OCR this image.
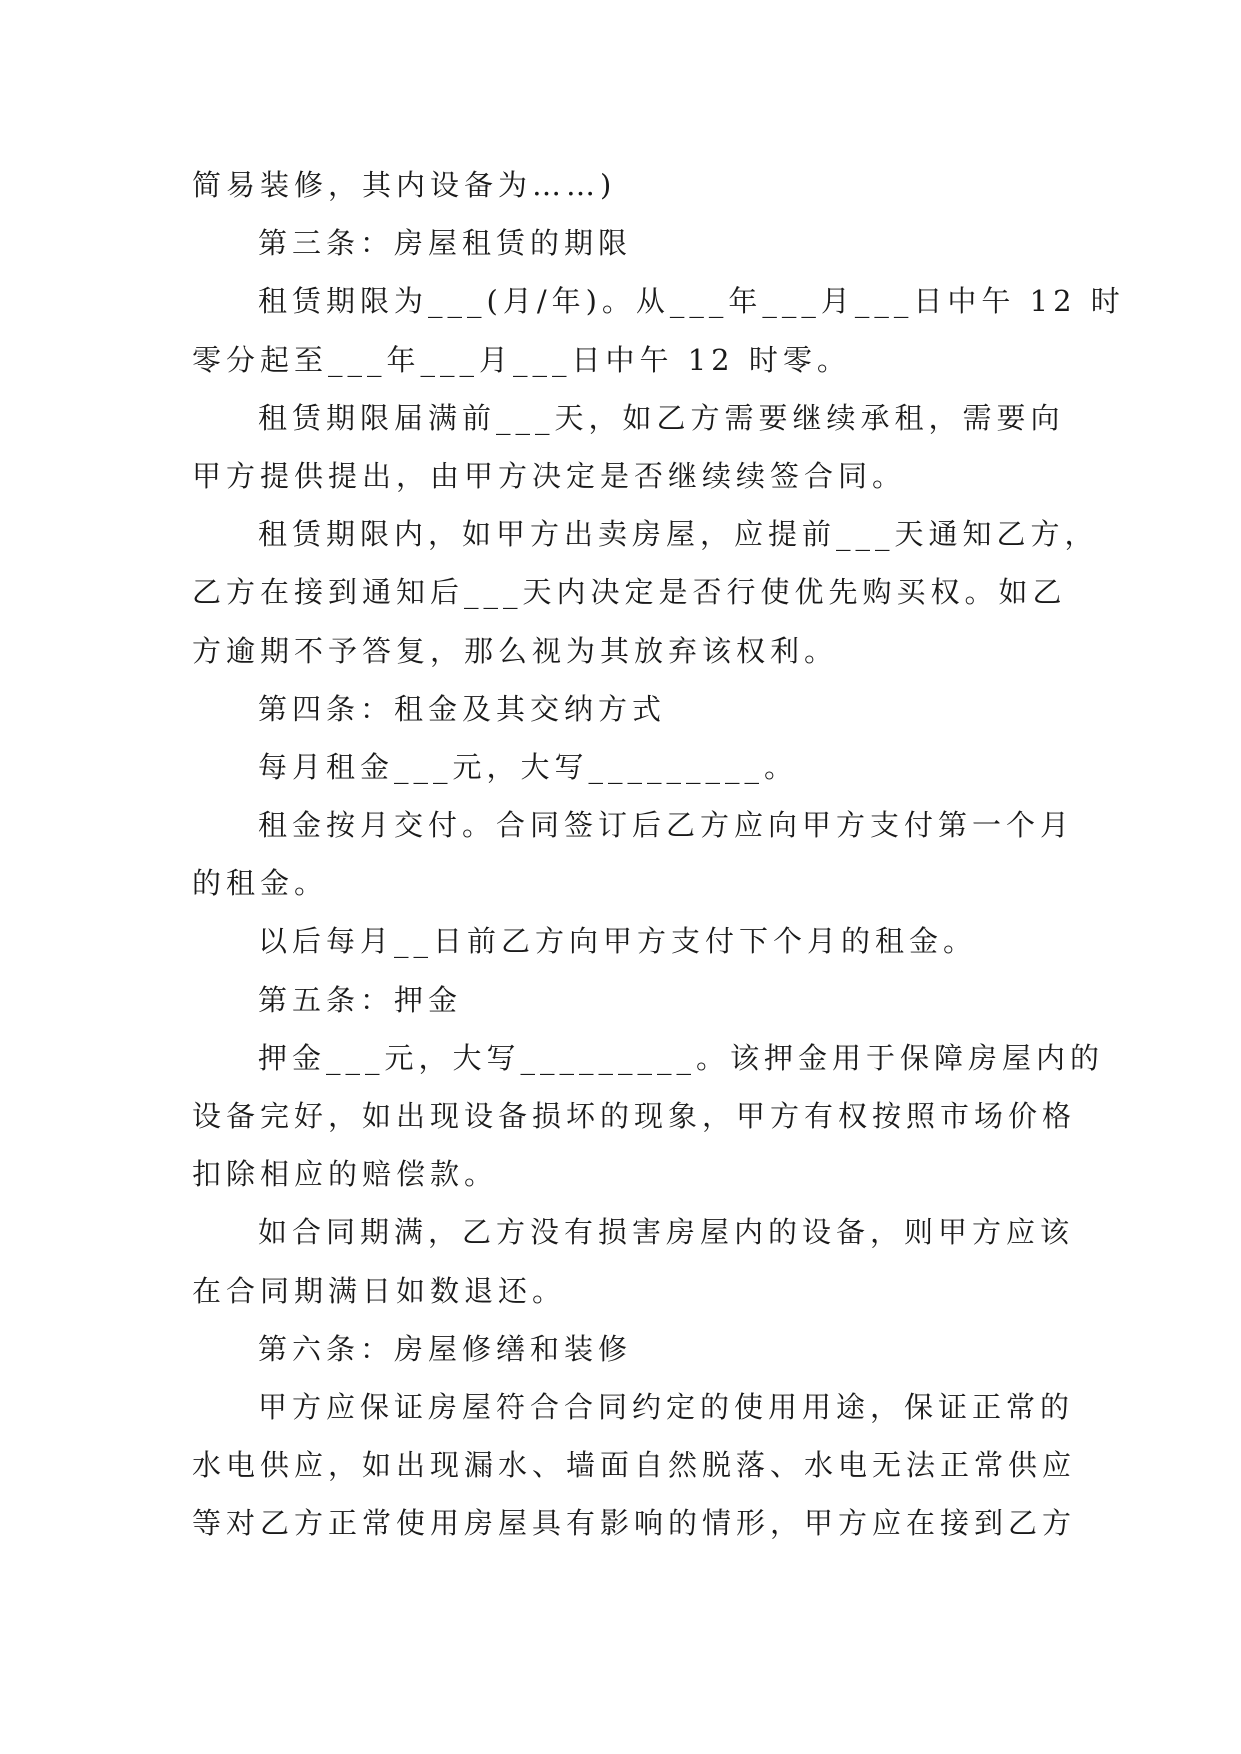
简易装修，其内设备为……)
第三条：房屋租赁的期限
租赁期限为___(月/年)。从___年___月___日中午 12 时
零分起至___年___月___日中午 12 时零。
租赁期限届满前___天，如乙方需要继续承租，需要向
甲方提供提出，由甲方决定是否继续续签合同。
租赁期限内，如甲方出卖房屋，应提前___天通知乙方，
乙方在接到通知后___天内决定是否行使优先购买权。如乙
方逾期不予答复，那么视为其放弃该权利。
第四条：租金及其交纳方式
每月租金___元，大写_________。
租金按月交付。合同签订后乙方应向甲方支付第一个月
的租金。
以后每月__日前乙方向甲方支付下个月的租金。
第五条：押金
押金___元，大写_________。该押金用于保障房屋内的
设备完好，如出现设备损坏的现象，甲方有权按照市场价格
扣除相应的赔偿款。
如合同期满，乙方没有损害房屋内的设备，则甲方应该
在合同期满日如数退还。
第六条：房屋修缮和装修
甲方应保证房屋符合合同约定的使用用途，保证正常的
水电供应，如出现漏水、墙面自然脱落、水电无法正常供应
等对乙方正常使用房屋具有影响的情形，甲方应在接到乙方
